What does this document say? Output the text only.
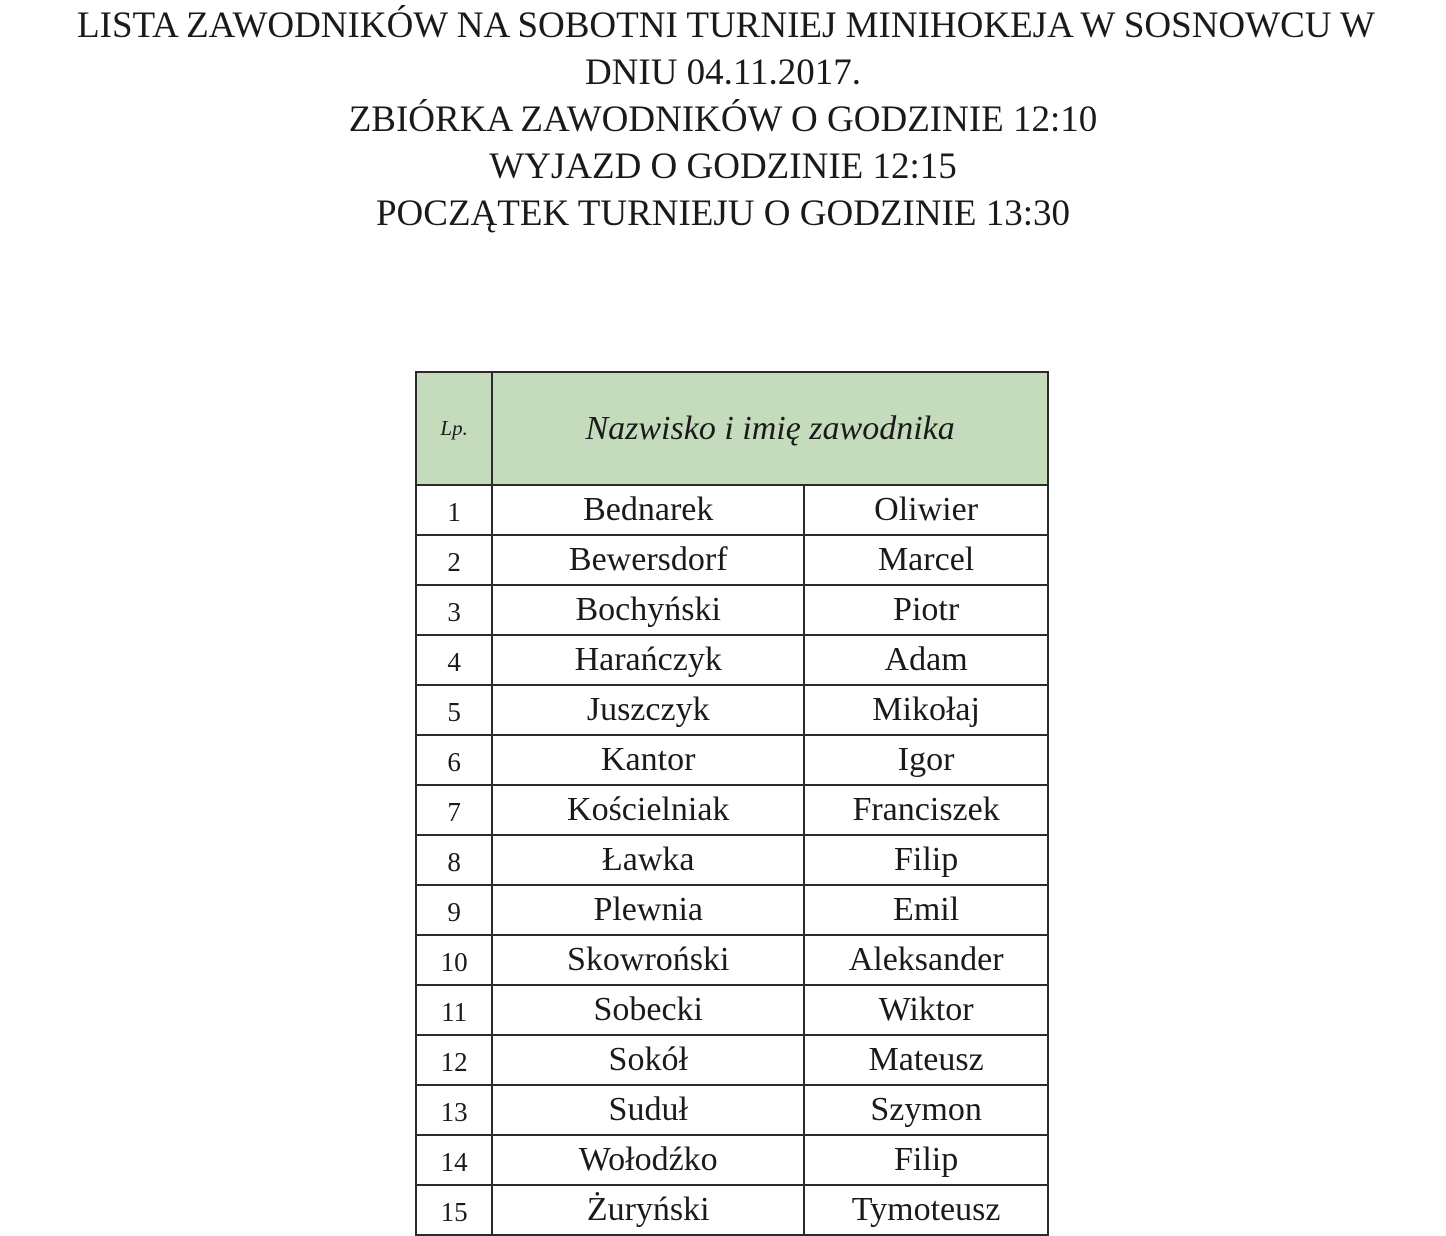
LISTA ZAWODNIKÓW NA SOBOTNI TURNIEJ MINIHOKEJA W SOSNOWCU W
DNIU 04.11.2017.
ZBIÓRKA ZAWODNIKÓW O GODZINIE 12:10
WYJAZD O GODZINIE 12:15
POCZĄTEK TURNIEJU O GODZINIE 13:30
Lp.	Nazwisko i imię zawodnika	
1	Bednarek	Oliwier
2	Bewersdorf	Marcel
3	Bochyński	Piotr
4	Harańczyk	Adam
5	Juszczyk	Mikołaj
6	Kantor	Igor
7	Kościelniak	Franciszek
8	Ławka	Filip
9	Plewnia	Emil
10	Skowroński	Aleksander
11	Sobecki	Wiktor
12	Sokół	Mateusz
13	Suduł	Szymon
14	Wołodźko	Filip
15	Żuryński	Tymoteusz
